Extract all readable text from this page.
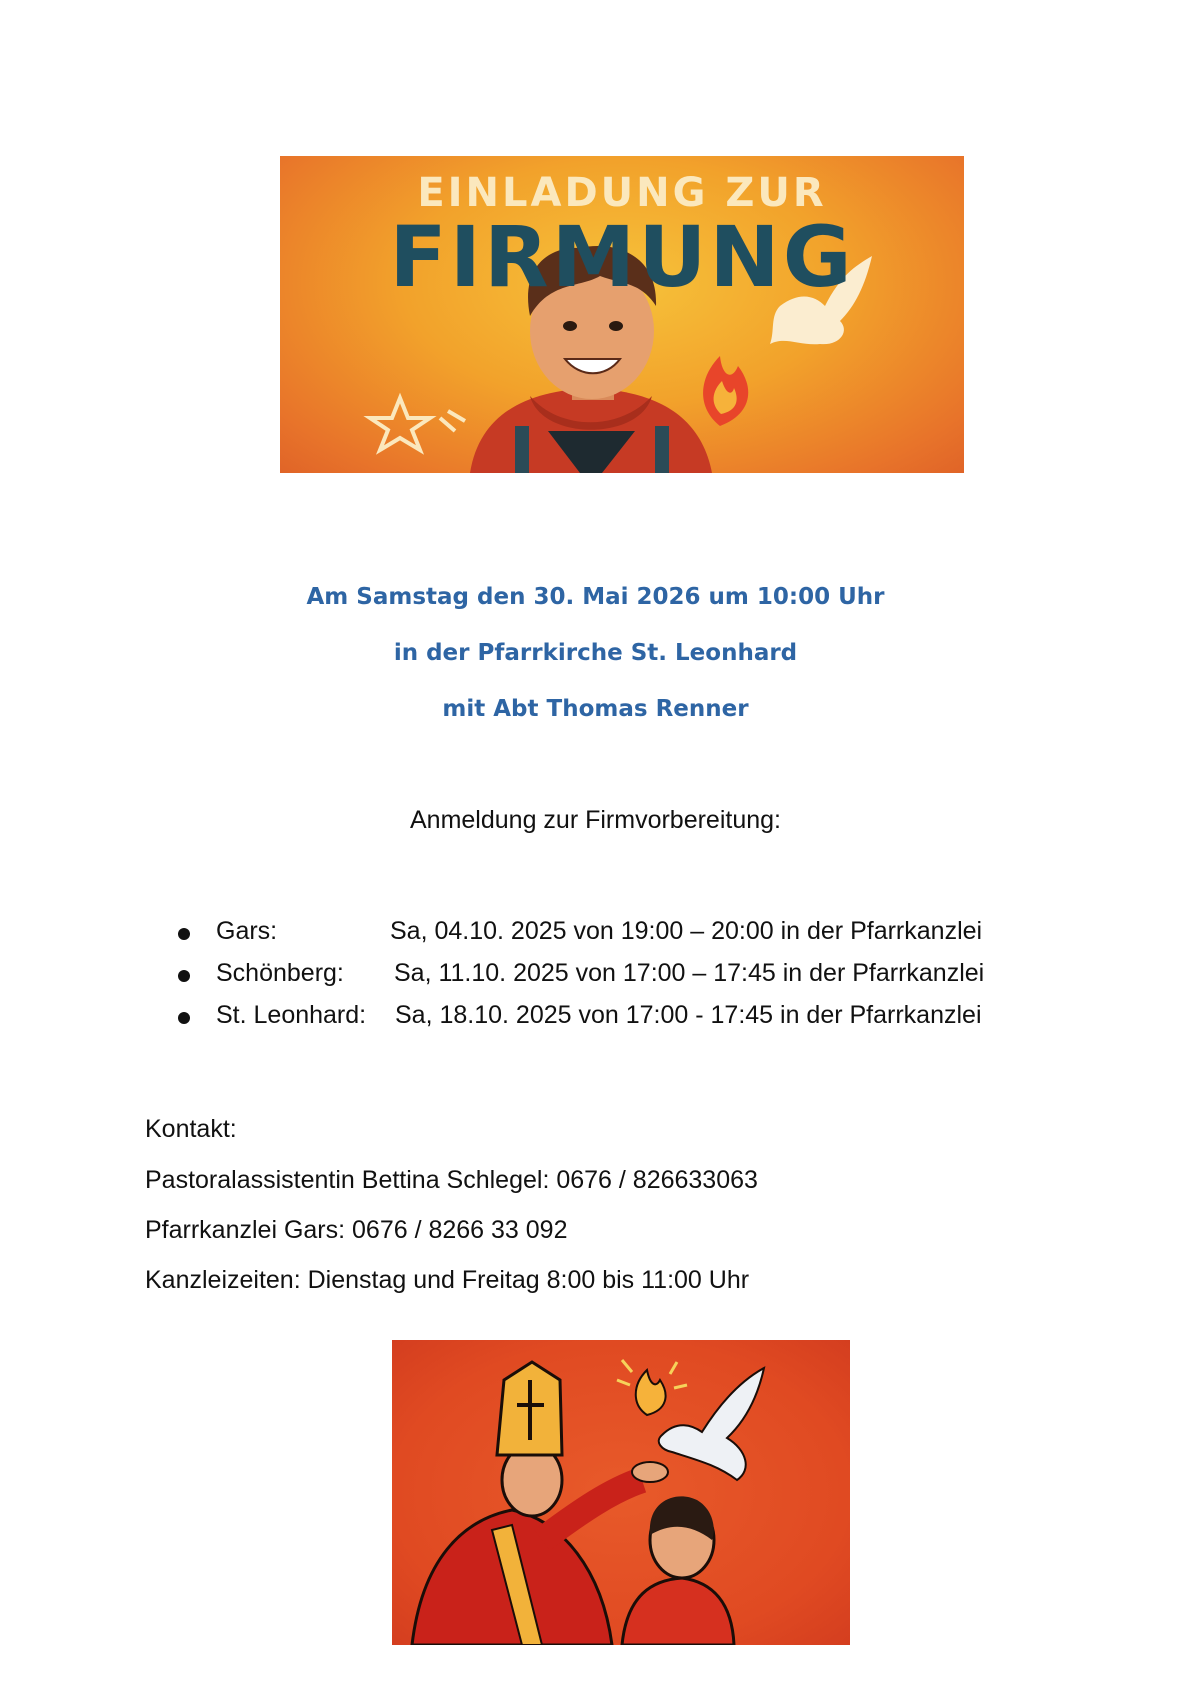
EINLADUNG ZUR
FIRMUNG
Am Samstag den 30. Mai 2026 um 10:00 Uhr
in der Pfarrkirche St. Leonhard
mit Abt Thomas Renner
Anmeldung zur Firmvorbereitung:
Gars:	Sa, 04.10. 2025 von 19:00 – 20:00 in der Pfarrkanzlei
Schönberg: Sa, 11.10. 2025 von 17:00 – 17:45 in der Pfarrkanzlei
St. Leonhard: Sa, 18.10. 2025 von 17:00 - 17:45 in der Pfarrkanzlei
Kontakt:
Pastoralassistentin Bettina Schlegel: 0676 / 826633063
Pfarrkanzlei Gars: 0676 / 8266 33 092
Kanzleizeiten: Dienstag und Freitag 8:00 bis 11:00 Uhr
